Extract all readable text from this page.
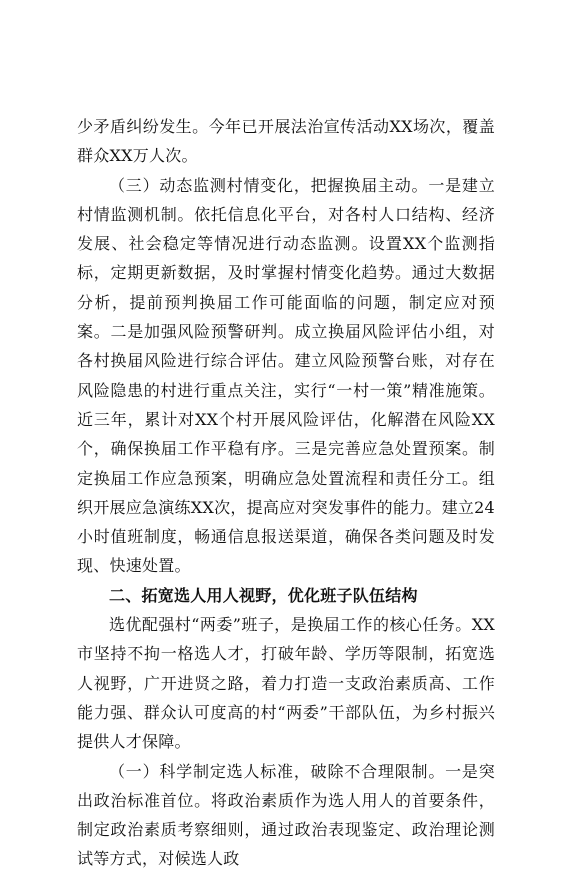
少矛盾纠纷发生。今年已开展法治宣传活动XX场次，覆盖群众XX万人次。

（三）动态监测村情变化，把握换届主动。一是建立村情监测机制。依托信息化平台，对各村人口结构、经济发展、社会稳定等情况进行动态监测。设置XX个监测指标，定期更新数据，及时掌握村情变化趋势。通过大数据分析，提前预判换届工作可能面临的问题，制定应对预案。二是加强风险预警研判。成立换届风险评估小组，对各村换届风险进行综合评估。建立风险预警台账，对存在风险隐患的村进行重点关注，实行“一村一策”精准施策。近三年，累计对XX个村开展风险评估，化解潜在风险XX个，确保换届工作平稳有序。三是完善应急处置预案。制定换届工作应急预案，明确应急处置流程和责任分工。组织开展应急演练XX次，提高应对突发事件的能力。建立24小时值班制度，畅通信息报送渠道，确保各类问题及时发现、快速处置。

二、拓宽选人用人视野，优化班子队伍结构

选优配强村“两委”班子，是换届工作的核心任务。XX市坚持不拘一格选人才，打破年龄、学历等限制，拓宽选人视野，广开进贤之路，着力打造一支政治素质高、工作能力强、群众认可度高的村“两委”干部队伍，为乡村振兴提供人才保障。

（一）科学制定选人标准，破除不合理限制。一是突出政治标准首位。将政治素质作为选人用人的首要条件，制定政治素质考察细则，通过政治表现鉴定、政治理论测试等方式，对候选人政
